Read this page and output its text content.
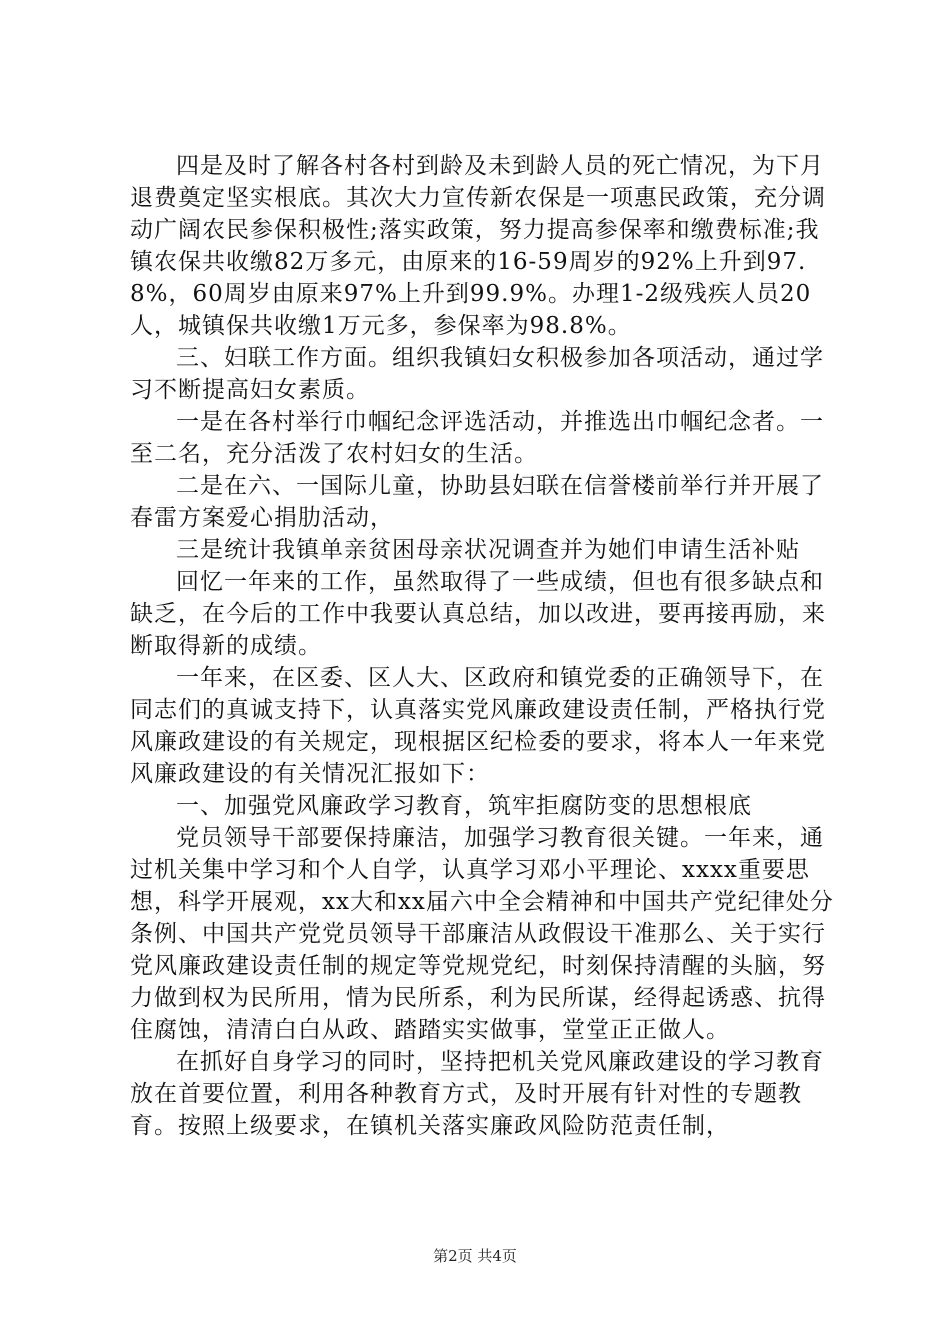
四是及时了解各村各村到龄及未到龄人员的死亡情况，为下月退费奠定坚实根底。其次大力宣传新农保是一项惠民政策，充分调动广阔农民参保积极性;落实政策，努力提高参保率和缴费标准;我镇农保共收缴82万多元，由原来的16-59周岁的92%上升到97.8%，60周岁由原来97%上升到99.9%。办理1-2级残疾人员20人，城镇保共收缴1万元多，参保率为98.8%。

三、妇联工作方面。组织我镇妇女积极参加各项活动，通过学习不断提高妇女素质。

一是在各村举行巾帼纪念评选活动，并推选出巾帼纪念者。一至二名，充分活泼了农村妇女的生活。

二是在六、一国际儿童，协助县妇联在信誉楼前举行并开展了春雷方案爱心捐肋活动，

三是统计我镇单亲贫困母亲状况调查并为她们申请生活补贴

回忆一年来的工作，虽然取得了一些成绩，但也有很多缺点和缺乏，在今后的工作中我要认真总结，加以改进，要再接再励，来断取得新的成绩。

一年来，在区委、区人大、区政府和镇党委的正确领导下，在同志们的真诚支持下，认真落实党风廉政建设责任制，严格执行党风廉政建设的有关规定，现根据区纪检委的要求，将本人一年来党风廉政建设的有关情况汇报如下：

一、加强党风廉政学习教育，筑牢拒腐防变的思想根底

党员领导干部要保持廉洁，加强学习教育很关键。一年来，通过机关集中学习和个人自学，认真学习邓小平理论、xxxx重要思想，科学开展观，xx大和xx届六中全会精神和中国共产党纪律处分条例、中国共产党党员领导干部廉洁从政假设干准那么、关于实行党风廉政建设责任制的规定等党规党纪，时刻保持清醒的头脑，努力做到权为民所用，情为民所系，利为民所谋，经得起诱惑、抗得住腐蚀，清清白白从政、踏踏实实做事，堂堂正正做人。

在抓好自身学习的同时，坚持把机关党风廉政建设的学习教育放在首要位置，利用各种教育方式，及时开展有针对性的专题教育。按照上级要求，在镇机关落实廉政风险防范责任制，

第2页 共4页
